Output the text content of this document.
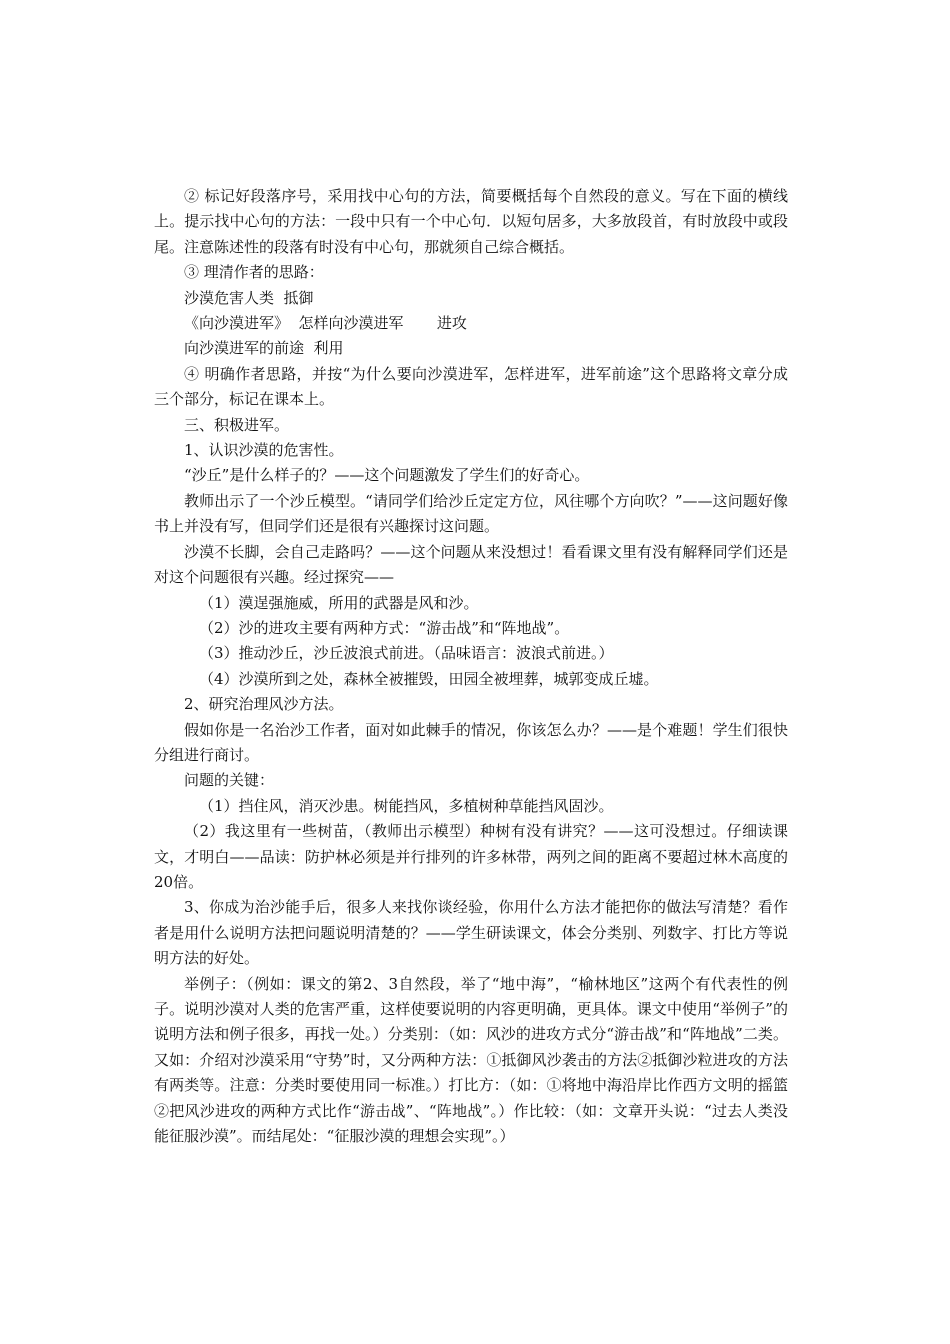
② 标记好段落序号，采用找中心句的方法，简要概括每个自然段的意义。写在下面的横线上。提示找中心句的方法：一段中只有一个中心句．以短句居多，大多放段首，有时放段中或段尾。注意陈述性的段落有时没有中心句，那就须自己综合概括。

③ 理清作者的思路：

沙漠危害人类  抵御

《向沙漠进军》  怎样向沙漠进军       进攻

向沙漠进军的前途  利用

④ 明确作者思路，并按“为什么要向沙漠进军，怎样进军，进军前途”这个思路将文章分成三个部分，标记在课本上。

三、积极进军。

1、认识沙漠的危害性。

“沙丘”是什么样子的？——这个问题激发了学生们的好奇心。

教师出示了一个沙丘模型。“请同学们给沙丘定定方位，风往哪个方向吹？”——这问题好像书上并没有写，但同学们还是很有兴趣探讨这问题。

沙漠不长脚，会自己走路吗？——这个问题从来没想过！看看课文里有没有解释同学们还是对这个问题很有兴趣。经过探究——

（1）漠逞强施威，所用的武器是风和沙。

（2）沙的进攻主要有两种方式：“游击战”和“阵地战”。

（3）推动沙丘，沙丘波浪式前进。（品味语言：波浪式前进。）

（4）沙漠所到之处，森林全被摧毁，田园全被埋葬，城郭变成丘墟。

2、研究治理风沙方法。

假如你是一名治沙工作者，面对如此棘手的情况，你该怎么办？——是个难题！学生们很快分组进行商讨。

问题的关键：

（1）挡住风，消灭沙患。树能挡风，多植树种草能挡风固沙。

（2）我这里有一些树苗，（教师出示模型）种树有没有讲究？——这可没想过。仔细读课文，才明白——品读：防护林必须是并行排列的许多林带，两列之间的距离不要超过林木高度的20倍。

3、你成为治沙能手后，很多人来找你谈经验，你用什么方法才能把你的做法写清楚？看作者是用什么说明方法把问题说明清楚的？——学生研读课文，体会分类别、列数字、打比方等说明方法的好处。

举例子：（例如：课文的第2、3自然段，举了“地中海”，“榆林地区”这两个有代表性的例子。说明沙漠对人类的危害严重，这样使要说明的内容更明确，更具体。课文中使用“举例子”的说明方法和例子很多，再找一处。）分类别：（如：风沙的进攻方式分“游击战”和“阵地战”二类。又如：介绍对沙漠采用“守势”时，又分两种方法：①抵御风沙袭击的方法②抵御沙粒进攻的方法有两类等。注意：分类时要使用同一标准。）打比方：（如：①将地中海沿岸比作西方文明的摇篮②把风沙进攻的两种方式比作“游击战”、“阵地战”。）作比较：（如：文章开头说：“过去人类没能征服沙漠”。而结尾处：“征服沙漠的理想会实现”。）
